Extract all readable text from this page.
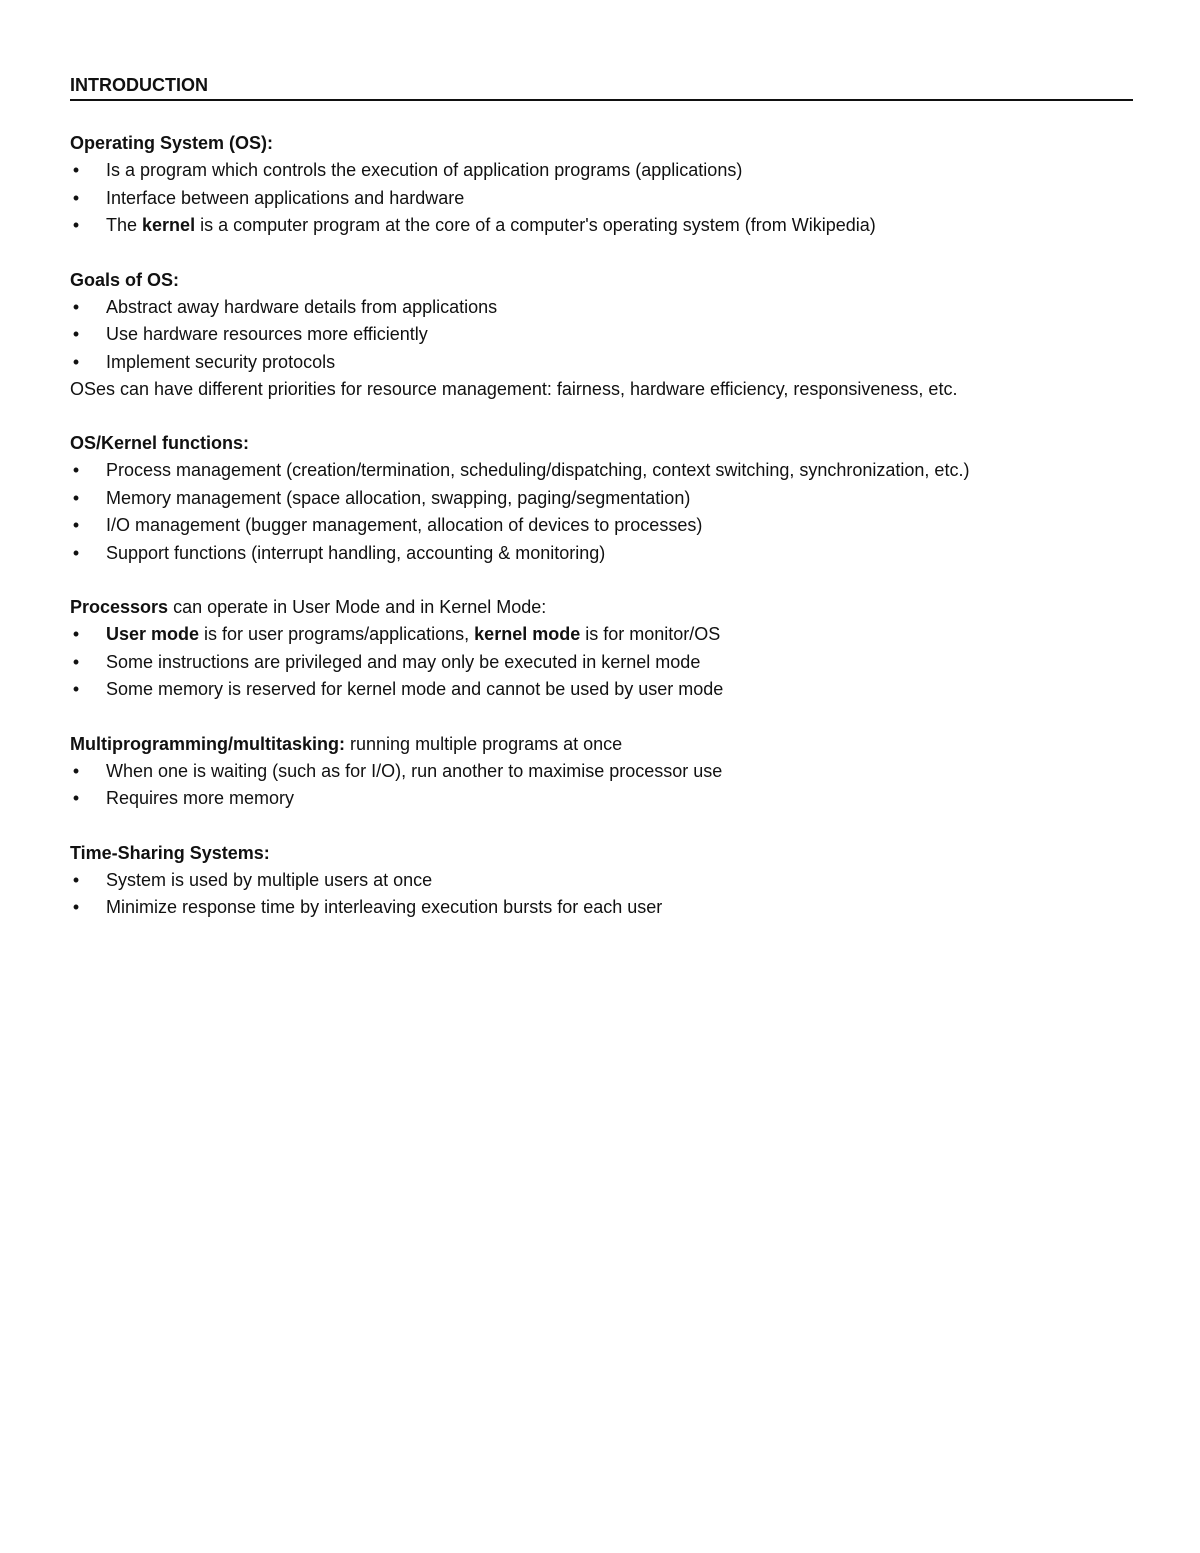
INTRODUCTION

Operating System (OS):

• Is a program which controls the execution of application programs (applications)
• Interface between applications and hardware
• The kernel is a computer program at the core of a computer's operating system (from Wikipedia)

Goals of OS:

• Abstract away hardware details from applications
• Use hardware resources more efficiently
• Implement security protocols

OSes can have different priorities for resource management: fairness, hardware efficiency, responsiveness, etc.

OS/Kernel functions:

• Process management (creation/termination, scheduling/dispatching, context switching, synchronization, etc.)
• Memory management (space allocation, swapping, paging/segmentation)
• I/O management (bugger management, allocation of devices to processes)
• Support functions (interrupt handling, accounting & monitoring)

Processors can operate in User Mode and in Kernel Mode:

• User mode is for user programs/applications, kernel mode is for monitor/OS
• Some instructions are privileged and may only be executed in kernel mode
• Some memory is reserved for kernel mode and cannot be used by user mode

Multiprogramming/multitasking: running multiple programs at once

• When one is waiting (such as for I/O), run another to maximise processor use
• Requires more memory

Time-Sharing Systems:

• System is used by multiple users at once
• Minimize response time by interleaving execution bursts for each user
